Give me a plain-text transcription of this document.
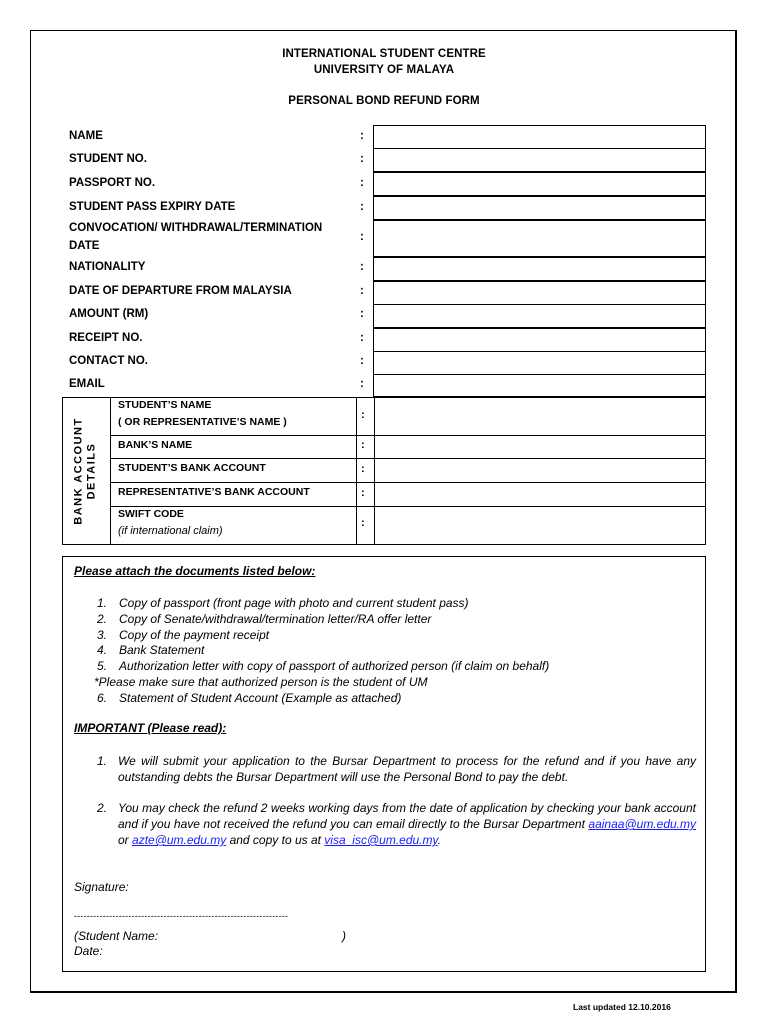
INTERNATIONAL STUDENT CENTRE
UNIVERSITY OF MALAYA
PERSONAL BOND REFUND FORM
NAME	:
STUDENT NO.	:
PASSPORT NO.	:
STUDENT PASS EXPIRY DATE	:
CONVOCATION/ WITHDRAWAL/TERMINATION
DATE
:
NATIONALITY	:
DATE OF DEPARTURE FROM MALAYSIA	:
AMOUNT (RM)	:
RECEIPT NO.	:
CONTACT NO.	:
EMAIL	:
BANK ACCOUNT DETAILS
STUDENT’S NAME
( OR REPRESENTATIVE’S NAME )
:
BANK’S NAME	:
STUDENT’S BANK ACCOUNT	:
REPRESENTATIVE’S BANK ACCOUNT	:
SWIFT CODE
(if international claim)
:
Please attach the documents listed below:
1. Copy of passport (front page with photo and current student pass)
2. Copy of Senate/withdrawal/termination letter/RA offer letter
3. Copy of the payment receipt
4. Bank Statement
5. Authorization letter with copy of passport of authorized person (if claim on behalf)
*Please make sure that authorized person is the student of UM
6. Statement of Student Account (Example as attached)
IMPORTANT (Please read):
1. We will submit your application to the Bursar Department to process for the refund and if you have any outstanding debts the Bursar Department will use the Personal Bond to pay the debt.
2. You may check the refund 2 weeks working days from the date of application by checking your bank account and if you have not received the refund you can email directly to the Bursar Department aainaa@um.edu.my or azte@um.edu.my and copy to us at visa_isc@um.edu.my.
Signature:
-------------------------------------------------------------------
(Student Name:	)
Date:
Last updated 12.10.2016
